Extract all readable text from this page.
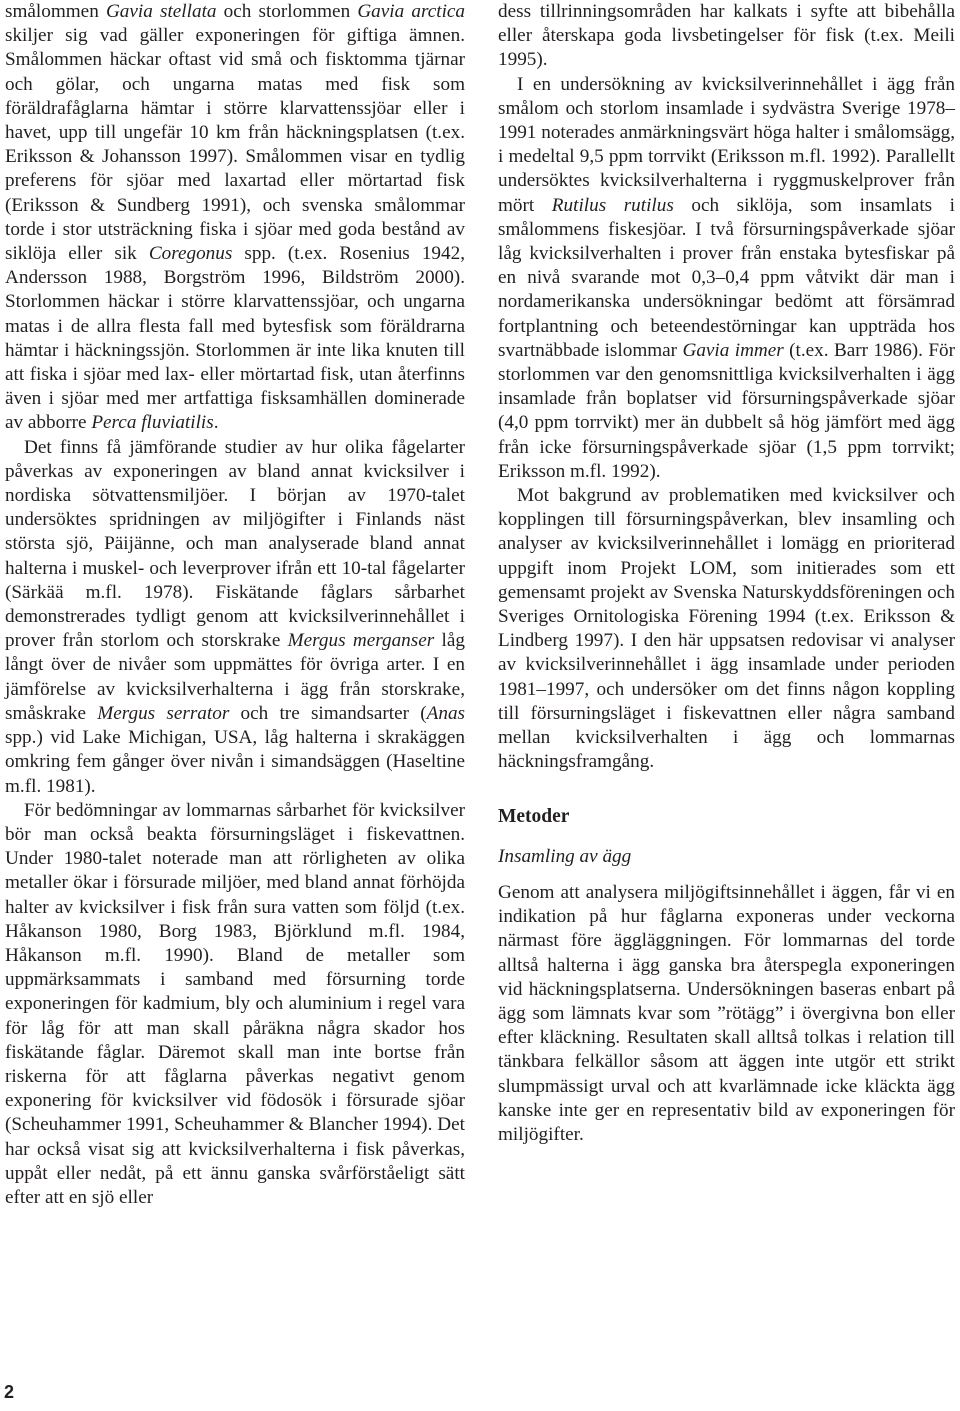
smålommen Gavia stellata och storlommen Gavia arctica skiljer sig vad gäller exponeringen för giftiga ämnen. Smålommen häckar oftast vid små och fisktomma tjärnar och gölar, och ungarna matas med fisk som föräldrafåglarna hämtar i större klarvattenssjöar eller i havet, upp till ungefär 10 km från häckningsplatsen (t.ex. Eriksson & Johansson 1997). Smålommen visar en tydlig preferens för sjöar med laxartad eller mörtartad fisk (Eriksson & Sundberg 1991), och svenska smålommar torde i stor utsträckning fiska i sjöar med goda bestånd av siklöja eller sik Coregonus spp. (t.ex. Rosenius 1942, Andersson 1988, Borgström 1996, Bildström 2000). Storlommen häckar i större klarvattenssjöar, och ungarna matas i de allra flesta fall med bytesfisk som föräldrarna hämtar i häckningssjön. Storlommen är inte lika knuten till att fiska i sjöar med lax- eller mörtartad fisk, utan återfinns även i sjöar med mer artfattiga fisksamhällen dominerade av abborre Perca fluviatilis.

Det finns få jämförande studier av hur olika fågelarter påverkas av exponeringen av bland annat kvicksilver i nordiska sötvattensmiljöer. I början av 1970-talet undersöktes spridningen av miljögifter i Finlands näst största sjö, Päijänne, och man analyserade bland annat halterna i muskel- och leverprover ifrån ett 10-tal fågelarter (Särkää m.fl. 1978). Fiskätande fåglars sårbarhet demonstrerades tydligt genom att kvicksilverinnehållet i prover från storlom och storskrake Mergus merganser låg långt över de nivåer som uppmättes för övriga arter. I en jämförelse av kvicksilverhalterna i ägg från storskrake, småskrake Mergus serrator och tre simandsarter (Anas spp.) vid Lake Michigan, USA, låg halterna i skrakäggen omkring fem gånger över nivån i simandsäggen (Haseltine m.fl. 1981).

För bedömningar av lommarnas sårbarhet för kvicksilver bör man också beakta försurningsläget i fiskevattnen. Under 1980-talet noterade man att rörligheten av olika metaller ökar i försurade miljöer, med bland annat förhöjda halter av kvicksilver i fisk från sura vatten som följd (t.ex. Håkanson 1980, Borg 1983, Björklund m.fl. 1984, Håkanson m.fl. 1990). Bland de metaller som uppmärksammats i samband med försurning torde exponeringen för kadmium, bly och aluminium i regel vara för låg för att man skall påräkna några skador hos fiskätande fåglar. Däremot skall man inte bortse från riskerna för att fåglarna påverkas negativt genom exponering för kvicksilver vid födosök i försurade sjöar (Scheuhammer 1991, Scheuhammer & Blancher 1994). Det har också visat sig att kvicksilverhalterna i fisk påverkas, uppåt eller nedåt, på ett ännu ganska svårförståeligt sätt efter att en sjö eller

dess tillrinningsområden har kalkats i syfte att bibehålla eller återskapa goda livsbetingelser för fisk (t.ex. Meili 1995).

I en undersökning av kvicksilverinnehållet i ägg från smålom och storlom insamlade i sydvästra Sverige 1978–1991 noterades anmärkningsvärt höga halter i smålomsägg, i medeltal 9,5 ppm torrvikt (Eriksson m.fl. 1992). Parallellt undersöktes kvicksilverhalterna i ryggmuskelprover från mört Rutilus rutilus och siklöja, som insamlats i smålommens fiskesjöar. I två försurningspåverkade sjöar låg kvicksilverhalten i prover från enstaka bytesfiskar på en nivå svarande mot 0,3–0,4 ppm våtvikt där man i nordamerikanska undersökningar bedömt att försämrad fortplantning och beteendestörningar kan uppträda hos svartnäbbade islommar Gavia immer (t.ex. Barr 1986). För storlommen var den genomsnittliga kvicksilverhalten i ägg insamlade från boplatser vid försurningspåverkade sjöar (4,0 ppm torrvikt) mer än dubbelt så hög jämfört med ägg från icke försurningspåverkade sjöar (1,5 ppm torrvikt; Eriksson m.fl. 1992).

Mot bakgrund av problematiken med kvicksilver och kopplingen till försurningspåverkan, blev insamling och analyser av kvicksilverinnehållet i lomägg en prioriterad uppgift inom Projekt LOM, som initierades som ett gemensamt projekt av Svenska Naturskyddsföreningen och Sveriges Ornitologiska Förening 1994 (t.ex. Eriksson & Lindberg 1997). I den här uppsatsen redovisar vi analyser av kvicksilverinnehållet i ägg insamlade under perioden 1981–1997, och undersöker om det finns någon koppling till försurningsläget i fiskevattnen eller några samband mellan kvicksilverhalten i ägg och lommarnas häckningsframgång.

Metoder

Insamling av ägg

Genom att analysera miljögiftsinnehållet i äggen, får vi en indikation på hur fåglarna exponeras under veckorna närmast före äggläggningen. För lommarnas del torde alltså halterna i ägg ganska bra återspegla exponeringen vid häckningsplatserna. Undersökningen baseras enbart på ägg som lämnats kvar som ”rötägg” i övergivna bon eller efter kläckning. Resultaten skall alltså tolkas i relation till tänkbara felkällor såsom att äggen inte utgör ett strikt slumpmässigt urval och att kvarlämnade icke kläckta ägg kanske inte ger en representativ bild av exponeringen för miljögifter.

2
